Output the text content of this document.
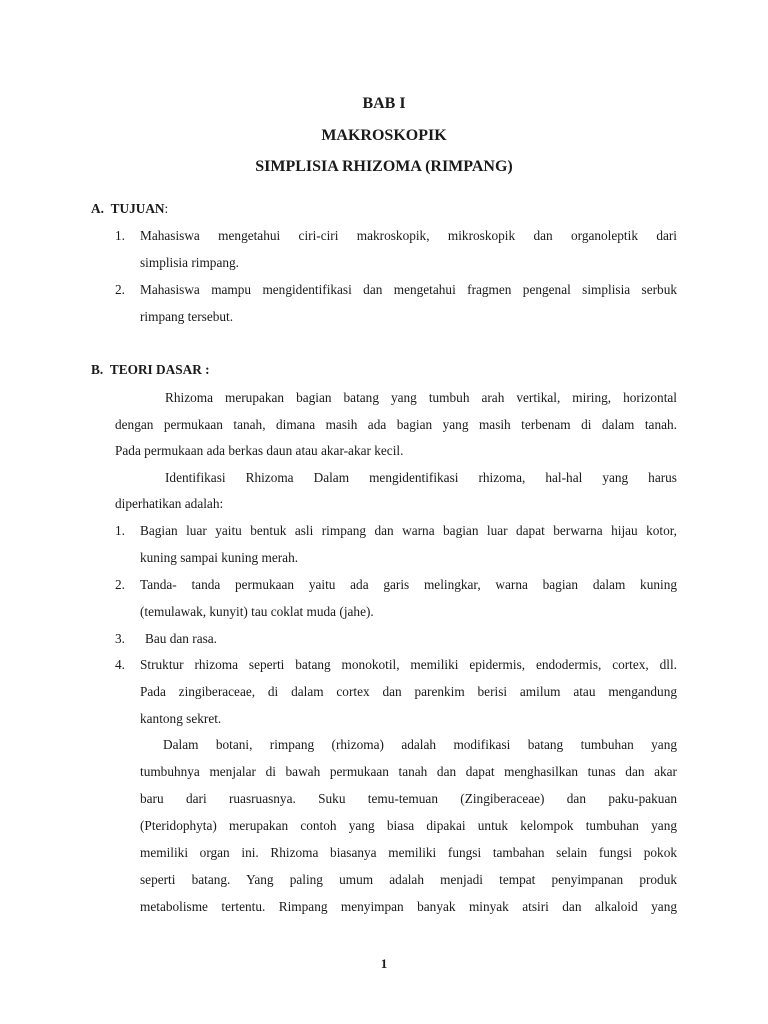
BAB I

MAKROSKOPIK

SIMPLISIA RHIZOMA (RIMPANG)

A. TUJUAN:

1. Mahasiswa mengetahui ciri-ciri makroskopik, mikroskopik dan organoleptik dari

simplisia rimpang.

2. Mahasiswa mampu mengidentifikasi dan mengetahui fragmen pengenal simplisia serbuk

rimpang tersebut.

B. TEORI DASAR :

Rhizoma merupakan bagian batang yang tumbuh arah vertikal, miring, horizontal

dengan permukaan tanah, dimana masih ada bagian yang masih terbenam di dalam tanah.

Pada permukaan ada berkas daun atau akar-akar kecil.

Identifikasi Rhizoma Dalam mengidentifikasi rhizoma, hal-hal yang harus

diperhatikan adalah:

1. Bagian luar yaitu bentuk asli rimpang dan warna bagian luar dapat berwarna hijau kotor,

kuning sampai kuning merah.

2. Tanda- tanda permukaan yaitu ada garis melingkar, warna bagian dalam kuning

(temulawak, kunyit) tau coklat muda (jahe).

3. Bau dan rasa.

4. Struktur rhizoma seperti batang monokotil, memiliki epidermis, endodermis, cortex, dll.

Pada zingiberaceae, di dalam cortex dan parenkim berisi amilum atau mengandung

kantong sekret.

Dalam botani, rimpang (rhizoma) adalah modifikasi batang tumbuhan yang

tumbuhnya menjalar di bawah permukaan tanah dan dapat menghasilkan tunas dan akar

baru dari ruasruasnya. Suku temu-temuan (Zingiberaceae) dan paku-pakuan

(Pteridophyta) merupakan contoh yang biasa dipakai untuk kelompok tumbuhan yang

memiliki organ ini. Rhizoma biasanya memiliki fungsi tambahan selain fungsi pokok

seperti batang. Yang paling umum adalah menjadi tempat penyimpanan produk

metabolisme tertentu. Rimpang menyimpan banyak minyak atsiri dan alkaloid yang

1
